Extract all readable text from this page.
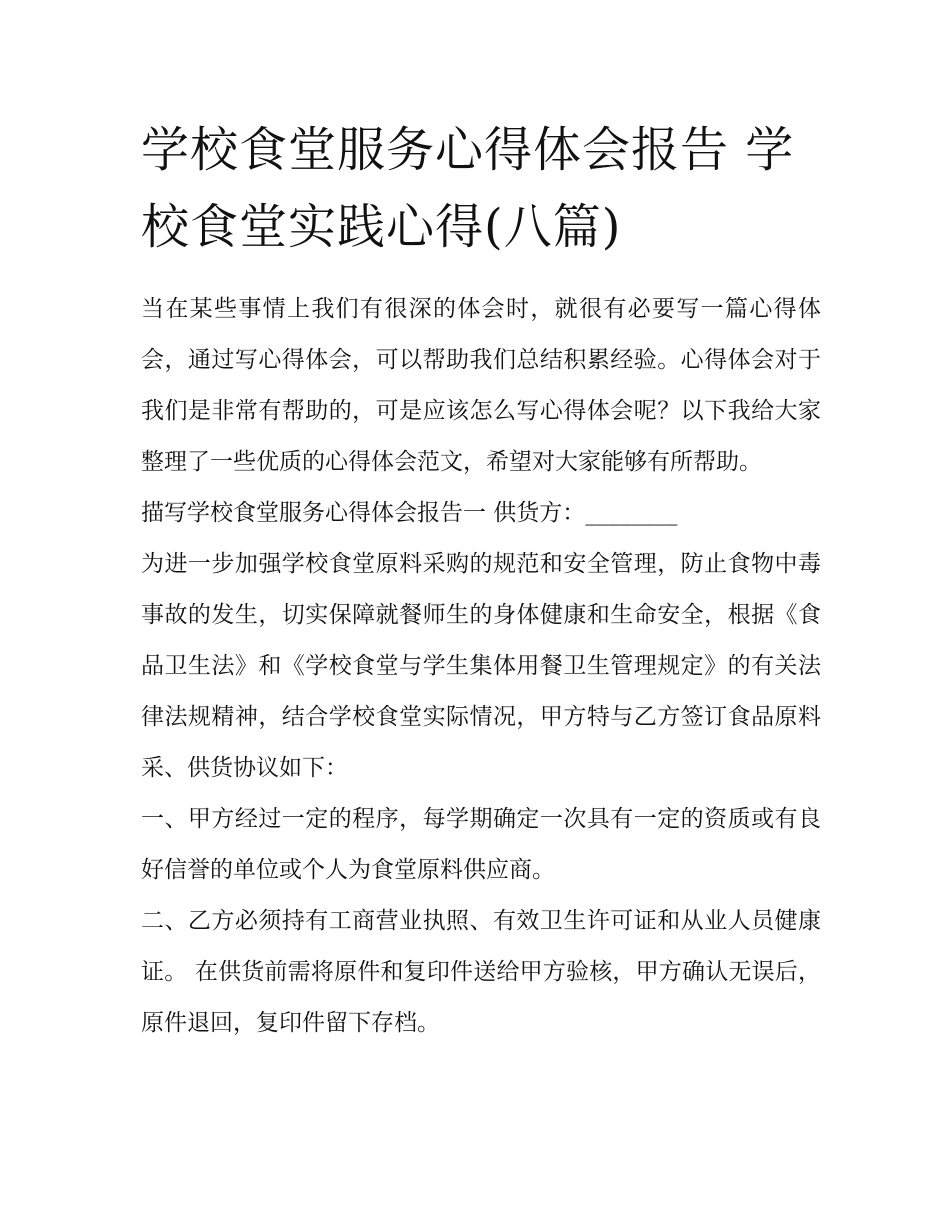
学校食堂服务心得体会报告 学校食堂实践心得(八篇)

当在某些事情上我们有很深的体会时，就很有必要写一篇心得体会，通过写心得体会，可以帮助我们总结积累经验。心得体会对于我们是非常有帮助的，可是应该怎么写心得体会呢？以下我给大家整理了一些优质的心得体会范文，希望对大家能够有所帮助。

描写学校食堂服务心得体会报告一 供货方：________

为进一步加强学校食堂原料采购的规范和安全管理，防止食物中毒事故的发生，切实保障就餐师生的身体健康和生命安全，根据《食品卫生法》和《学校食堂与学生集体用餐卫生管理规定》的有关法律法规精神，结合学校食堂实际情况，甲方特与乙方签订食品原料采、供货协议如下：

一、甲方经过一定的程序，每学期确定一次具有一定的资质或有良好信誉的单位或个人为食堂原料供应商。

二、乙方必须持有工商营业执照、有效卫生许可证和从业人员健康证。 在供货前需将原件和复印件送给甲方验核，甲方确认无误后，原件退回，复印件留下存档。
